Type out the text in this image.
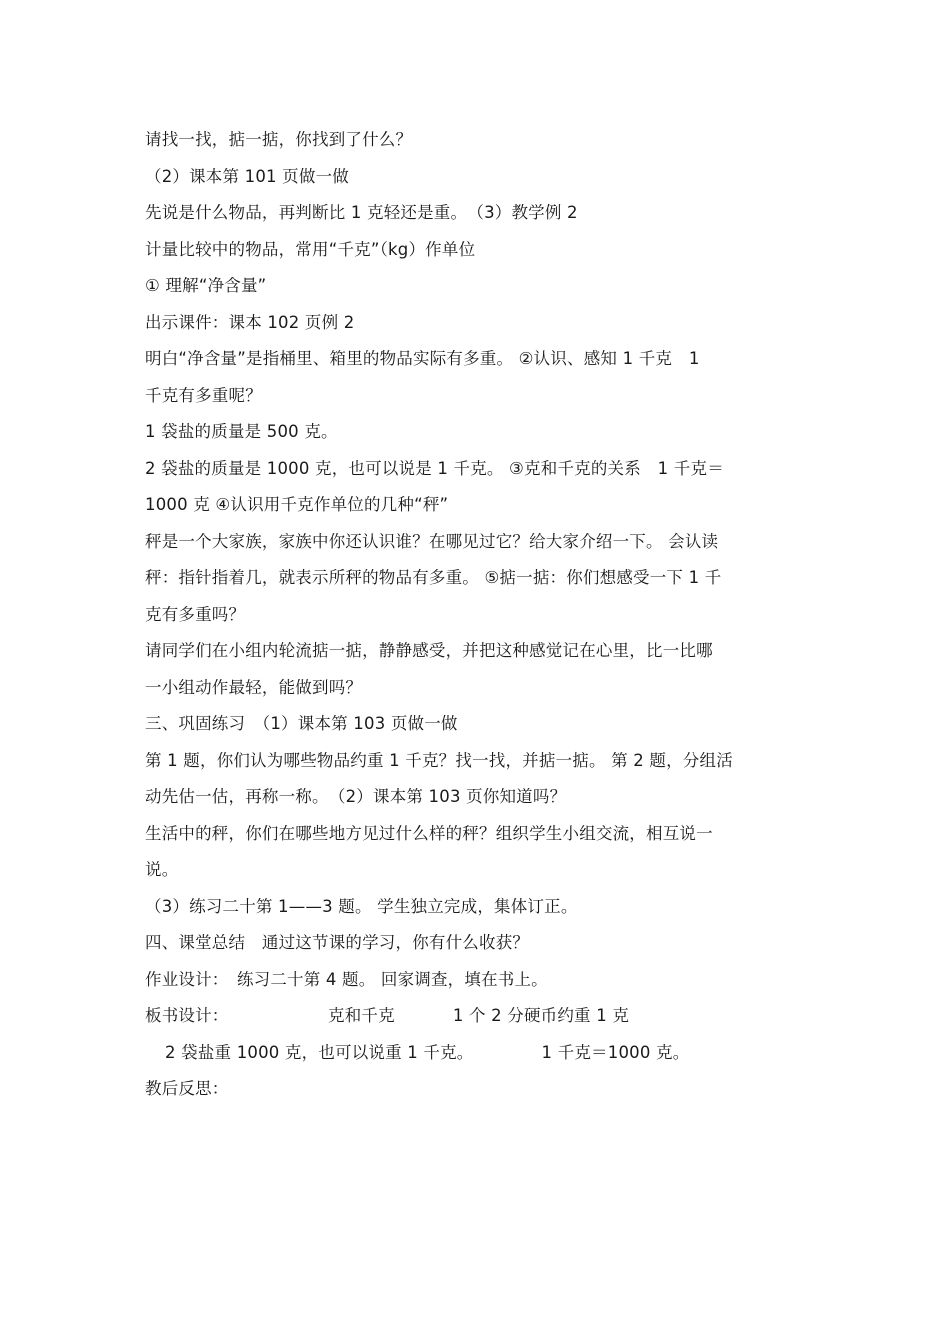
请找一找，掂一掂，你找到了什么？
（2）课本第 101 页做一做
先说是什么物品，再判断比 1 克轻还是重。　（3）教学例 2
计量比较中的物品，常用“千克”（kg）作单位
① 理解“净含量”
出示课件：课本 102 页例 2
明白“净含量”是指桶里、箱里的物品实际有多重。 ②认识、感知 1 千克　1
千克有多重呢？
1 袋盐的质量是 500 克。
2 袋盐的质量是 1000 克，也可以说是 1 千克。 ③克和千克的关系　1 千克＝
1000 克 ④认识用千克作单位的几种“秤”
秤是一个大家族，家族中你还认识谁？在哪见过它？给大家介绍一下。 会认读
秤：指针指着几，就表示所秤的物品有多重。 ⑤掂一掂：你们想感受一下 1 千
克有多重吗？
请同学们在小组内轮流掂一掂，静静感受，并把这种感觉记在心里，比一比哪
一小组动作最轻，能做到吗？
三、巩固练习　（1）课本第 103 页做一做
第 1 题，你们认为哪些物品约重 1 千克？找一找，并掂一掂。 第 2 题，分组活
动先估一估，再称一称。　（2）课本第 103 页你知道吗？
生活中的秤，你们在哪些地方见过什么样的秤？组织学生小组交流，相互说一
说。
（3）练习二十第 1——3 题。 学生独立完成，集体订正。
四、课堂总结　通过这节课的学习，你有什么收获？
作业设计：　练习二十第 4 题。 回家调查，填在书上。
板书设计：	克和千克	1 个 2 分硬币约重 1 克
2 袋盐重 1000 克，也可以说重 1 千克。	1 千克＝1000 克。
教后反思：
